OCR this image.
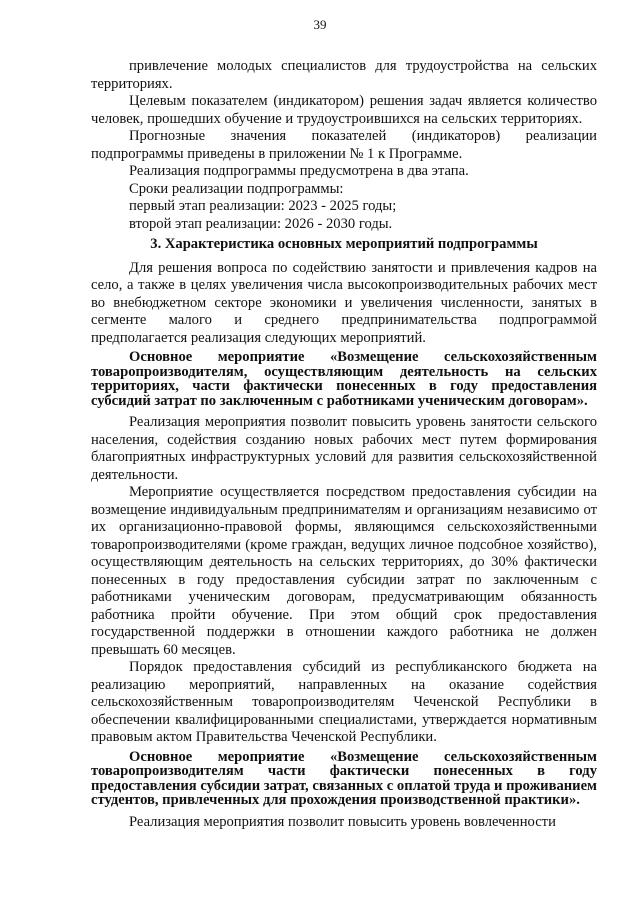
39

привлечение молодых специалистов для трудоустройства на сельских территориях.

Целевым показателем (индикатором) решения задач является количество человек, прошедших обучение и трудоустроившихся на сельских территориях.

Прогнозные значения показателей (индикаторов) реализации подпрограммы приведены в приложении № 1 к Программе.

Реализация подпрограммы предусмотрена в два этапа.

Сроки реализации подпрограммы:

первый этап реализации: 2023 - 2025 годы;

второй этап реализации: 2026 - 2030 годы.

3. Характеристика основных мероприятий подпрограммы

Для решения вопроса по содействию занятости и привлечения кадров на село, а также в целях увеличения числа высокопроизводительных рабочих мест во внебюджетном секторе экономики и увеличения численности, занятых в сегменте малого и среднего предпринимательства подпрограммой предполагается реализация следующих мероприятий.

Основное мероприятие «Возмещение сельскохозяйственным товаропроизводителям, осуществляющим деятельность на сельских территориях, части фактически понесенных в году предоставления субсидий затрат по заключенным с работниками ученическим договорам».

Реализация мероприятия позволит повысить уровень занятости сельского населения, содействия созданию новых рабочих мест путем формирования благоприятных инфраструктурных условий для развития сельскохозяйственной деятельности.

Мероприятие осуществляется посредством предоставления субсидии на возмещение индивидуальным предпринимателям и организациям независимо от их организационно-правовой формы, являющимся сельскохозяйственными товаропроизводителями (кроме граждан, ведущих личное подсобное хозяйство), осуществляющим деятельность на сельских территориях, до 30% фактически понесенных в году предоставления субсидии затрат по заключенным с работниками ученическим договорам, предусматривающим обязанность работника пройти обучение. При этом общий срок предоставления государственной поддержки в отношении каждого работника не должен превышать 60 месяцев.

Порядок предоставления субсидий из республиканского бюджета на реализацию мероприятий, направленных на оказание содействия сельскохозяйственным товаропроизводителям Чеченской Республики в обеспечении квалифицированными специалистами, утверждается нормативным правовым актом Правительства Чеченской Республики.

Основное мероприятие «Возмещение сельскохозяйственным товаропроизводителям части фактически понесенных в году предоставления субсидии затрат, связанных с оплатой труда и проживанием студентов, привлеченных для прохождения производственной практики».

Реализация мероприятия позволит повысить уровень вовлеченности
